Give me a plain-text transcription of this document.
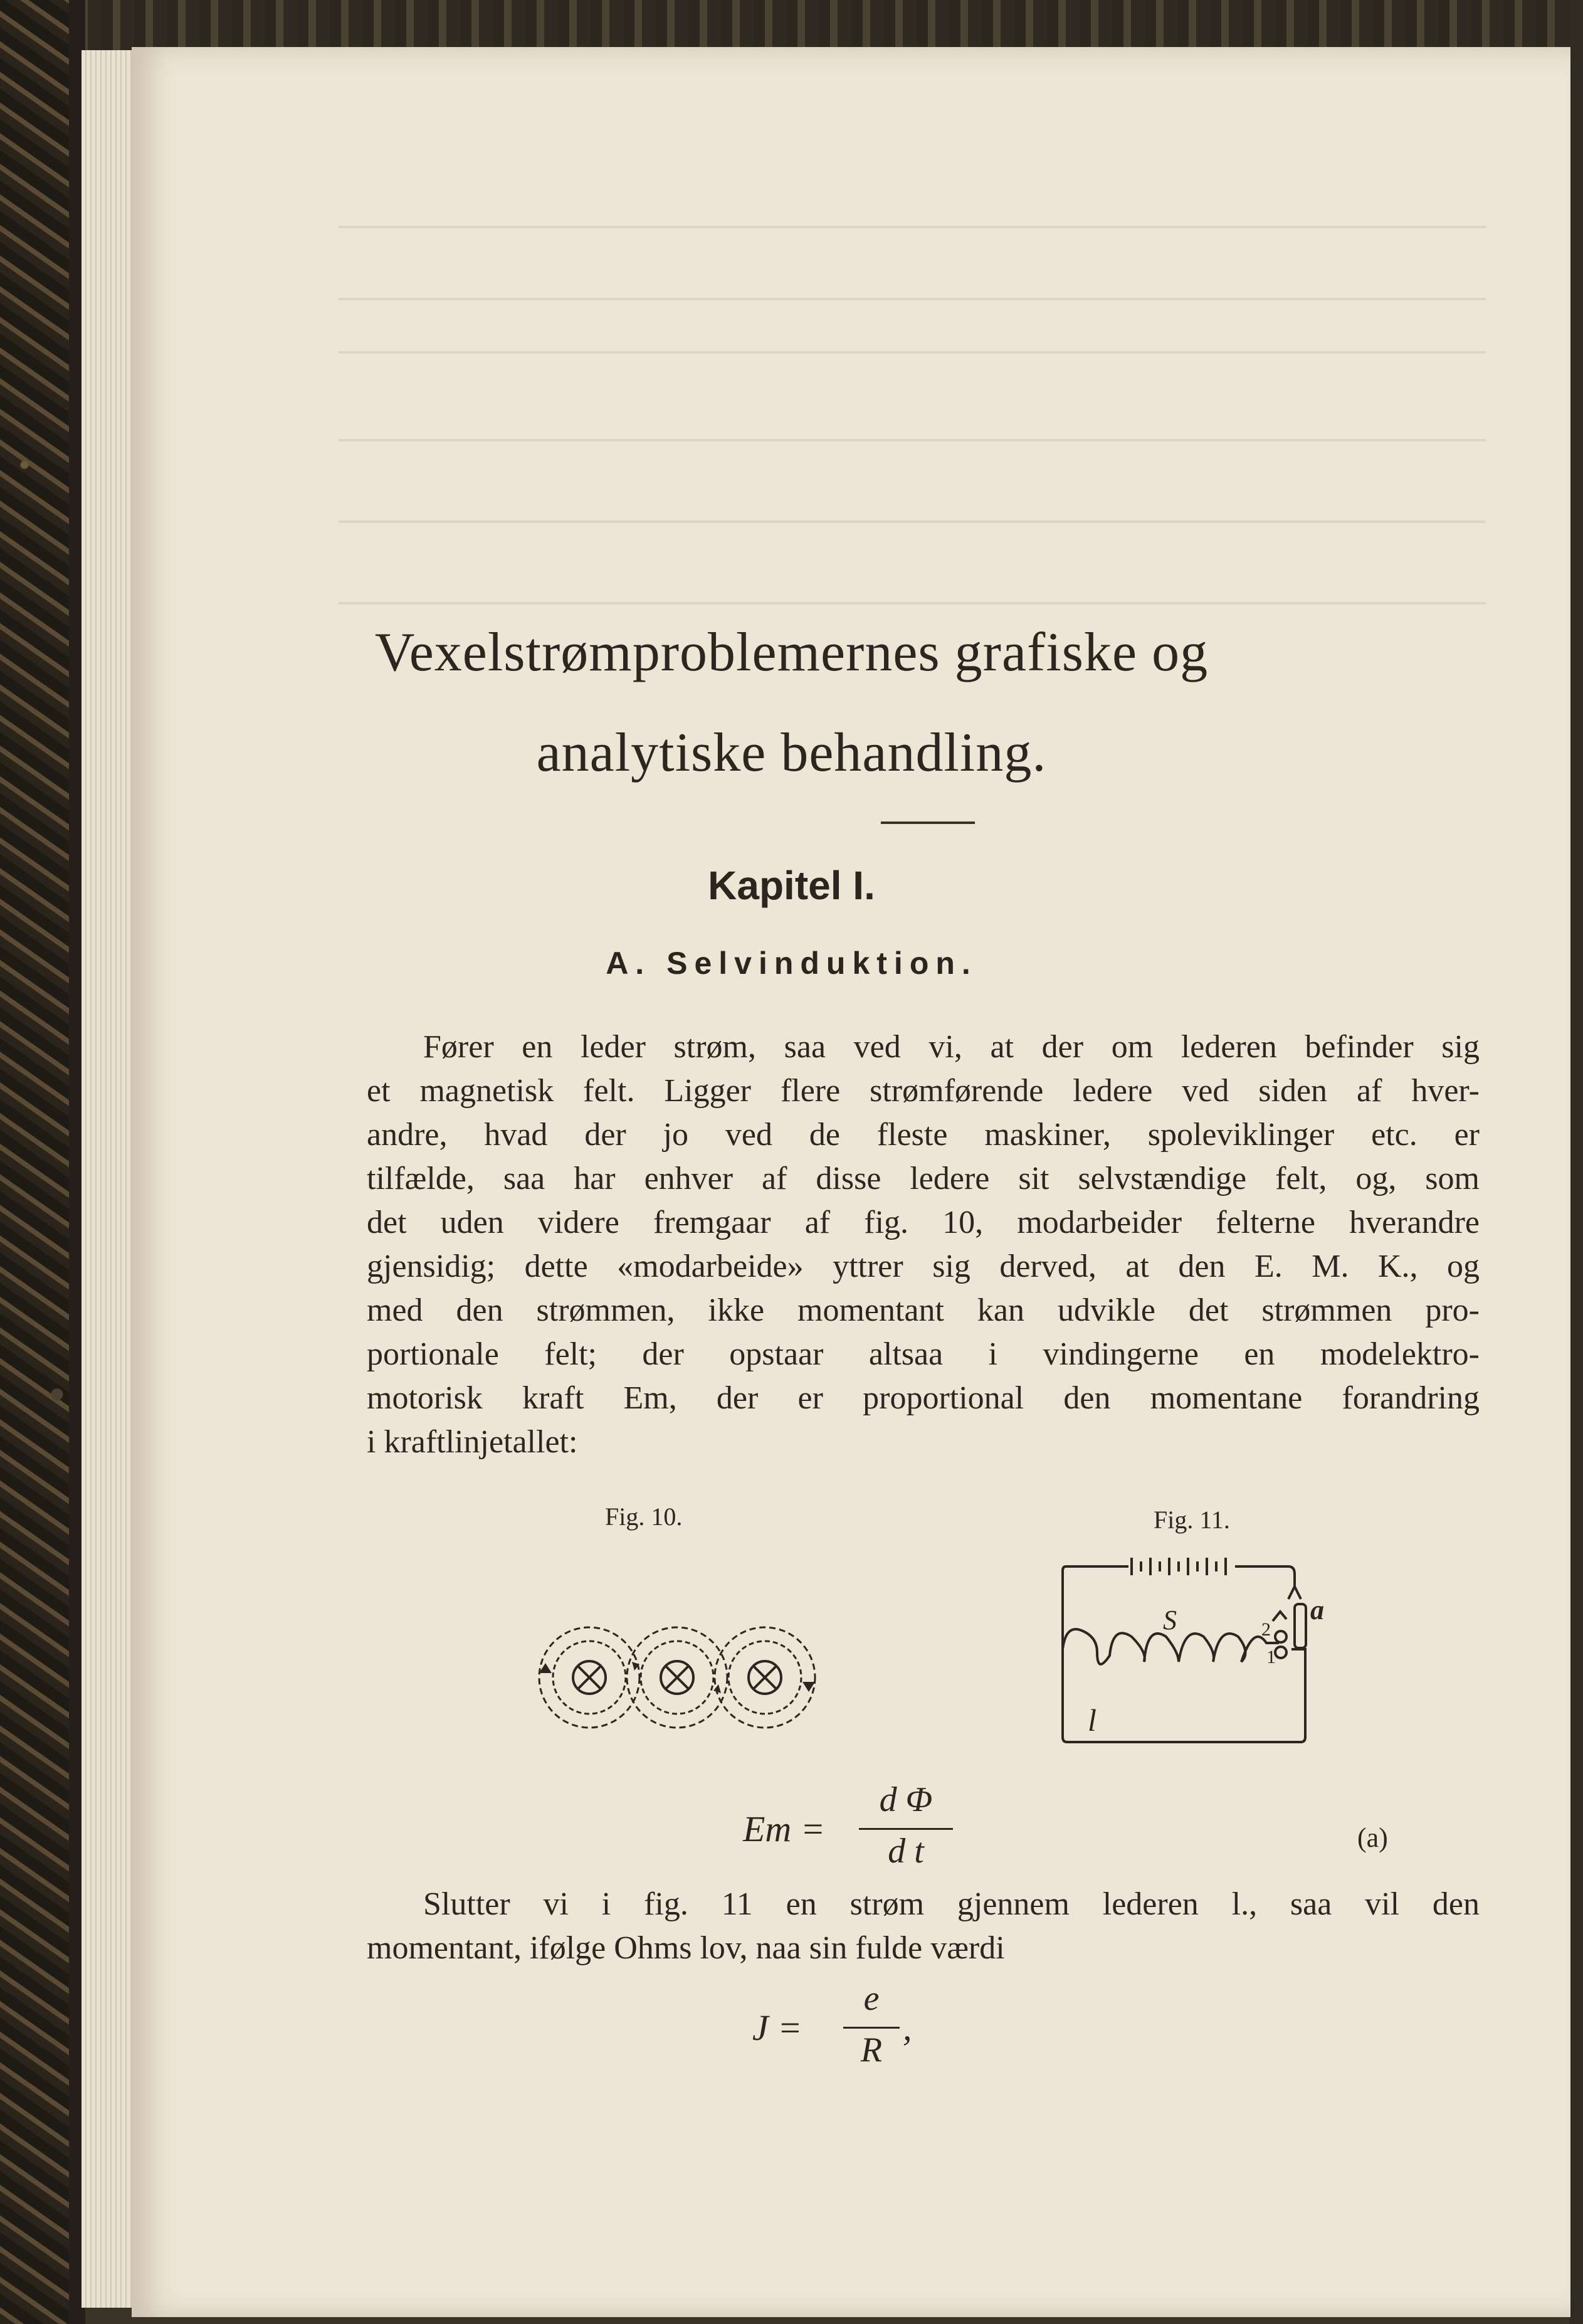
Vexelstrømproblemernes grafiske og
analytiske behandling.
Kapitel I.
A. Selvinduktion.
Fører en leder strøm, saa ved vi, at der om lederen befinder sig
et magnetisk felt. Ligger flere strømførende ledere ved siden af hver-
andre, hvad der jo ved de fleste maskiner, spoleviklinger etc. er
tilfælde, saa har enhver af disse ledere sit selvstændige felt, og, som
det uden videre fremgaar af fig. 10, modarbeider felterne hverandre
gjensidig; dette «modarbeide» yttrer sig derved, at den E. M. K., og
med den strømmen, ikke momentant kan udvikle det strømmen pro-
portionale felt; der opstaar altsaa i vindingerne en modelektro-
motorisk kraft Em, der er proportional den momentane forandring
i kraftlinjetallet:
Fig. 10.	Fig. 11.
S	a
1
2
l
Em =
d Φ
d t	(a)
Slutter vi i fig. 11 en strøm gjennem lederen l., saa vil den
momentant, ifølge Ohms lov, naa sin fulde værdi
J =
e
R
,
